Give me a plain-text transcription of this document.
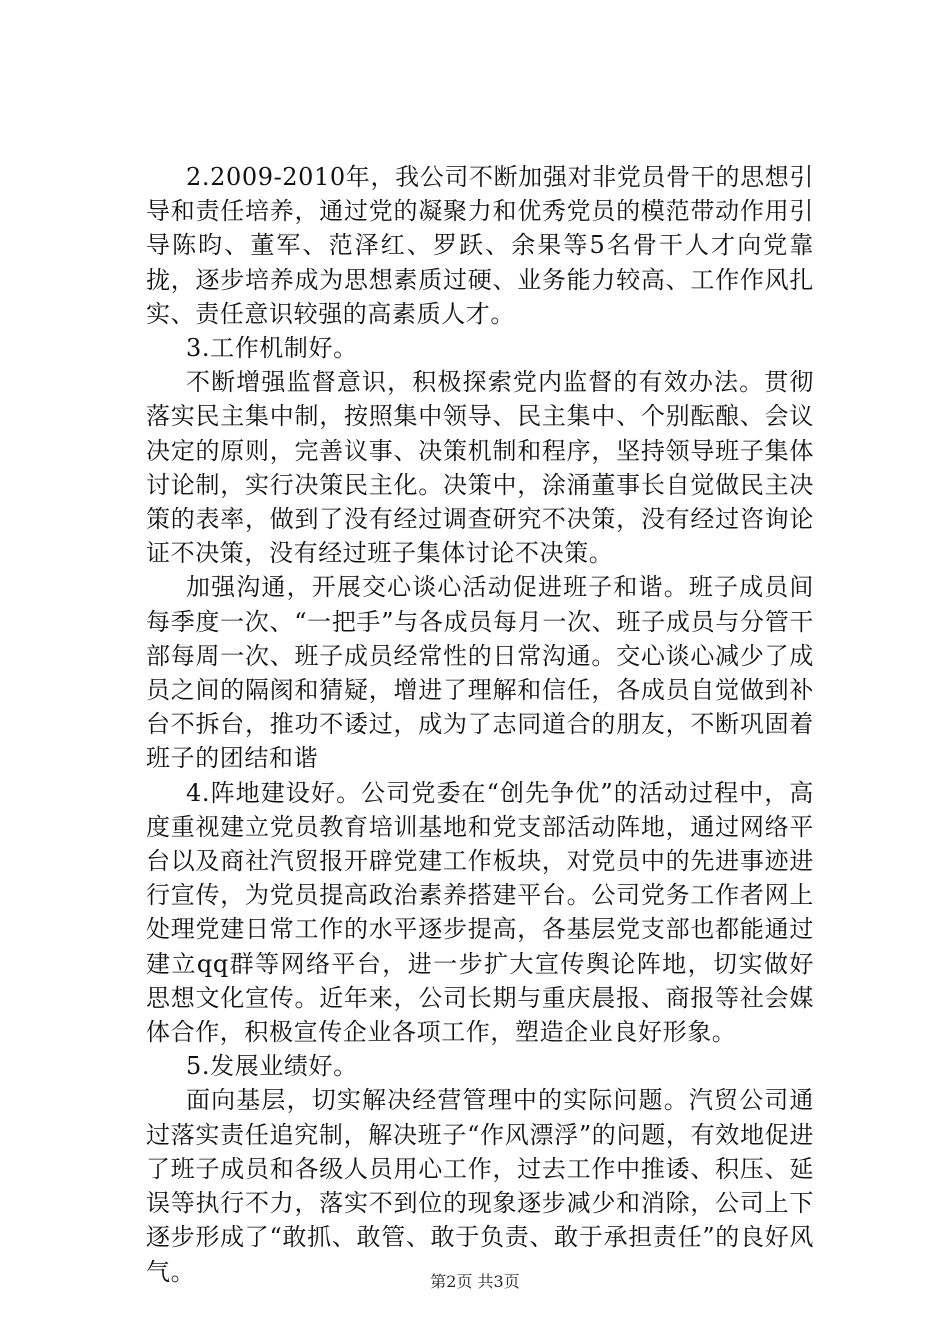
2.2009-2010年，我公司不断加强对非党员骨干的思想引导和责任培养，通过党的凝聚力和优秀党员的模范带动作用引导陈昀、董军、范泽红、罗跃、余果等5名骨干人才向党靠拢，逐步培养成为思想素质过硬、业务能力较高、工作作风扎实、责任意识较强的高素质人才。

3.工作机制好。

不断增强监督意识，积极探索党内监督的有效办法。贯彻落实民主集中制，按照集中领导、民主集中、个别酝酿、会议决定的原则，完善议事、决策机制和程序，坚持领导班子集体讨论制，实行决策民主化。决策中，涂涌董事长自觉做民主决策的表率，做到了没有经过调查研究不决策，没有经过咨询论证不决策，没有经过班子集体讨论不决策。

加强沟通，开展交心谈心活动促进班子和谐。班子成员间每季度一次、“一把手”与各成员每月一次、班子成员与分管干部每周一次、班子成员经常性的日常沟通。交心谈心减少了成员之间的隔阂和猜疑，增进了理解和信任，各成员自觉做到补台不拆台，推功不诿过，成为了志同道合的朋友，不断巩固着班子的团结和谐

4.阵地建设好。公司党委在“创先争优”的活动过程中，高度重视建立党员教育培训基地和党支部活动阵地，通过网络平台以及商社汽贸报开辟党建工作板块，对党员中的先进事迹进行宣传，为党员提高政治素养搭建平台。公司党务工作者网上处理党建日常工作的水平逐步提高，各基层党支部也都能通过建立qq群等网络平台，进一步扩大宣传舆论阵地，切实做好思想文化宣传。近年来，公司长期与重庆晨报、商报等社会媒体合作，积极宣传企业各项工作，塑造企业良好形象。

5.发展业绩好。

面向基层，切实解决经营管理中的实际问题。汽贸公司通过落实责任追究制，解决班子“作风漂浮”的问题，有效地促进了班子成员和各级人员用心工作，过去工作中推诿、积压、延误等执行不力，落实不到位的现象逐步减少和消除，公司上下逐步形成了“敢抓、敢管、敢于负责、敢于承担责任”的良好风气。	第2页 共3页
